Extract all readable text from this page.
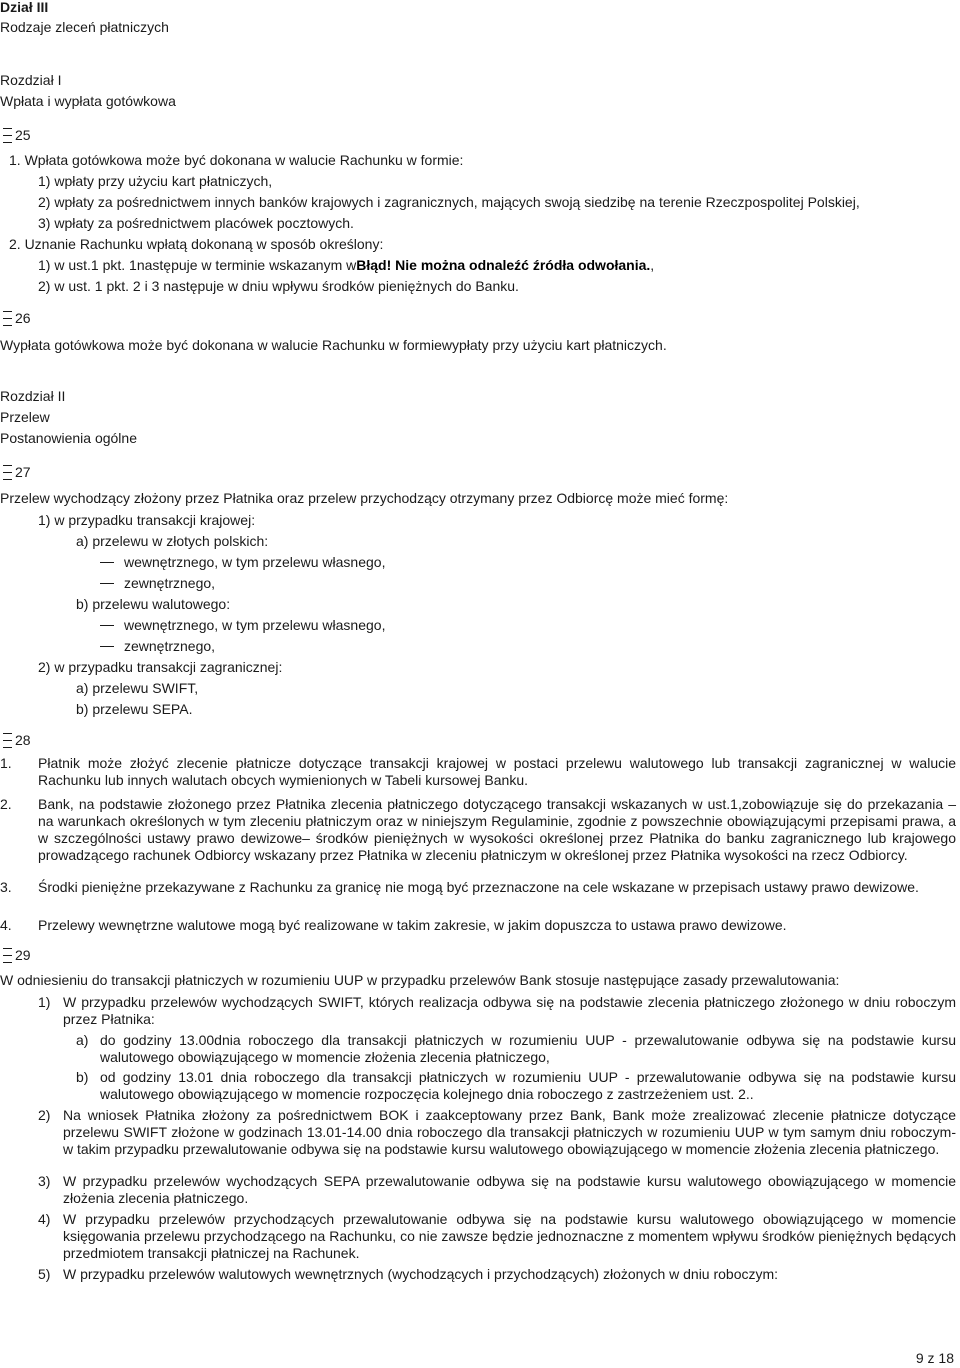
Dział III
Rodzaje zleceń płatniczych
Rozdział I
Wpłata i wypłata gotówkowa
25
1. Wpłata gotówkowa może być dokonana w walucie Rachunku w formie:
1) wpłaty przy użyciu kart płatniczych,
2) wpłaty za pośrednictwem innych banków krajowych i zagranicznych, mających swoją siedzibę na terenie Rzeczpospolitej Polskiej,
3) wpłaty za pośrednictwem placówek pocztowych.
2. Uznanie Rachunku wpłatą dokonaną w sposób określony:
1) w ust.1 pkt. 1następuje w terminie wskazanym wBłąd! Nie można odnaleźć źródła odwołania.,
2) w ust. 1 pkt. 2 i 3 następuje w dniu wpływu środków pieniężnych do Banku.
26
Wypłata gotówkowa może być dokonana w walucie Rachunku w formiewypłaty przy użyciu kart płatniczych.
Rozdział II
Przelew
Postanowienia ogólne
27
Przelew wychodzący złożony przez Płatnika oraz przelew przychodzący otrzymany przez Odbiorcę może mieć formę:
1) w przypadku transakcji krajowej:
a) przelewu w złotych polskich:
wewnętrznego, w tym przelewu własnego,
zewnętrznego,
b) przelewu walutowego:
wewnętrznego, w tym przelewu własnego,
zewnętrznego,
2) w przypadku transakcji zagranicznej:
a) przelewu SWIFT,
b) przelewu SEPA.
28
1. Płatnik może złożyć zlecenie płatnicze dotyczące transakcji krajowej w postaci przelewu walutowego lub transakcji zagranicznej w walucie Rachunku lub innych walutach obcych wymienionych w Tabeli kursowej Banku.
2. Bank, na podstawie złożonego przez Płatnika zlecenia płatniczego dotyczącego transakcji wskazanych w ust.1,zobowiązuje się do przekazania – na warunkach określonych w tym zleceniu płatniczym oraz w niniejszym Regulaminie, zgodnie z powszechnie obowiązującymi przepisami prawa, a w szczególności ustawy prawo dewizowe– środków pieniężnych w wysokości określonej przez Płatnika do banku zagranicznego lub krajowego prowadzącego rachunek Odbiorcy wskazany przez Płatnika w zleceniu płatniczym w określonej przez Płatnika wysokości na rzecz Odbiorcy.
3. Środki pieniężne przekazywane z Rachunku za granicę nie mogą być przeznaczone na cele wskazane w przepisach ustawy prawo dewizowe.
4. Przelewy wewnętrzne walutowe mogą być realizowane w takim zakresie, w jakim dopuszcza to ustawa prawo dewizowe.
29
W odniesieniu do transakcji płatniczych w rozumieniu UUP w przypadku przelewów Bank stosuje następujące zasady przewalutowania:
1) W przypadku przelewów wychodzących SWIFT, których realizacja odbywa się na podstawie zlecenia płatniczego złożonego w dniu roboczym przez Płatnika:
a) do godziny 13.00dnia roboczego dla transakcji płatniczych w rozumieniu UUP - przewalutowanie odbywa się na podstawie kursu walutowego obowiązującego w momencie złożenia zlecenia płatniczego,
b) od godziny 13.01 dnia roboczego dla transakcji płatniczych w rozumieniu UUP - przewalutowanie odbywa się na podstawie kursu walutowego obowiązującego w momencie rozpoczęcia kolejnego dnia roboczego z zastrzeżeniem ust. 2..
2) Na wniosek Płatnika złożony za pośrednictwem BOK i zaakceptowany przez Bank, Bank może zrealizować zlecenie płatnicze dotyczące przelewu SWIFT złożone w godzinach 13.01-14.00 dnia roboczego dla transakcji płatniczych w rozumieniu UUP w tym samym dniu roboczym- w takim przypadku przewalutowanie odbywa się na podstawie kursu walutowego obowiązującego w momencie złożenia zlecenia płatniczego.
3) W przypadku przelewów wychodzących SEPA przewalutowanie odbywa się na podstawie kursu walutowego obowiązującego w momencie złożenia zlecenia płatniczego.
4) W przypadku przelewów przychodzących przewalutowanie odbywa się na podstawie kursu walutowego obowiązującego w momencie księgowania przelewu przychodzącego na Rachunku, co nie zawsze będzie jednoznaczne z momentem wpływu środków pieniężnych będących przedmiotem transakcji płatniczej na Rachunek.
5) W przypadku przelewów walutowych wewnętrznych (wychodzących i przychodzących) złożonych w dniu roboczym:
9 z 18
